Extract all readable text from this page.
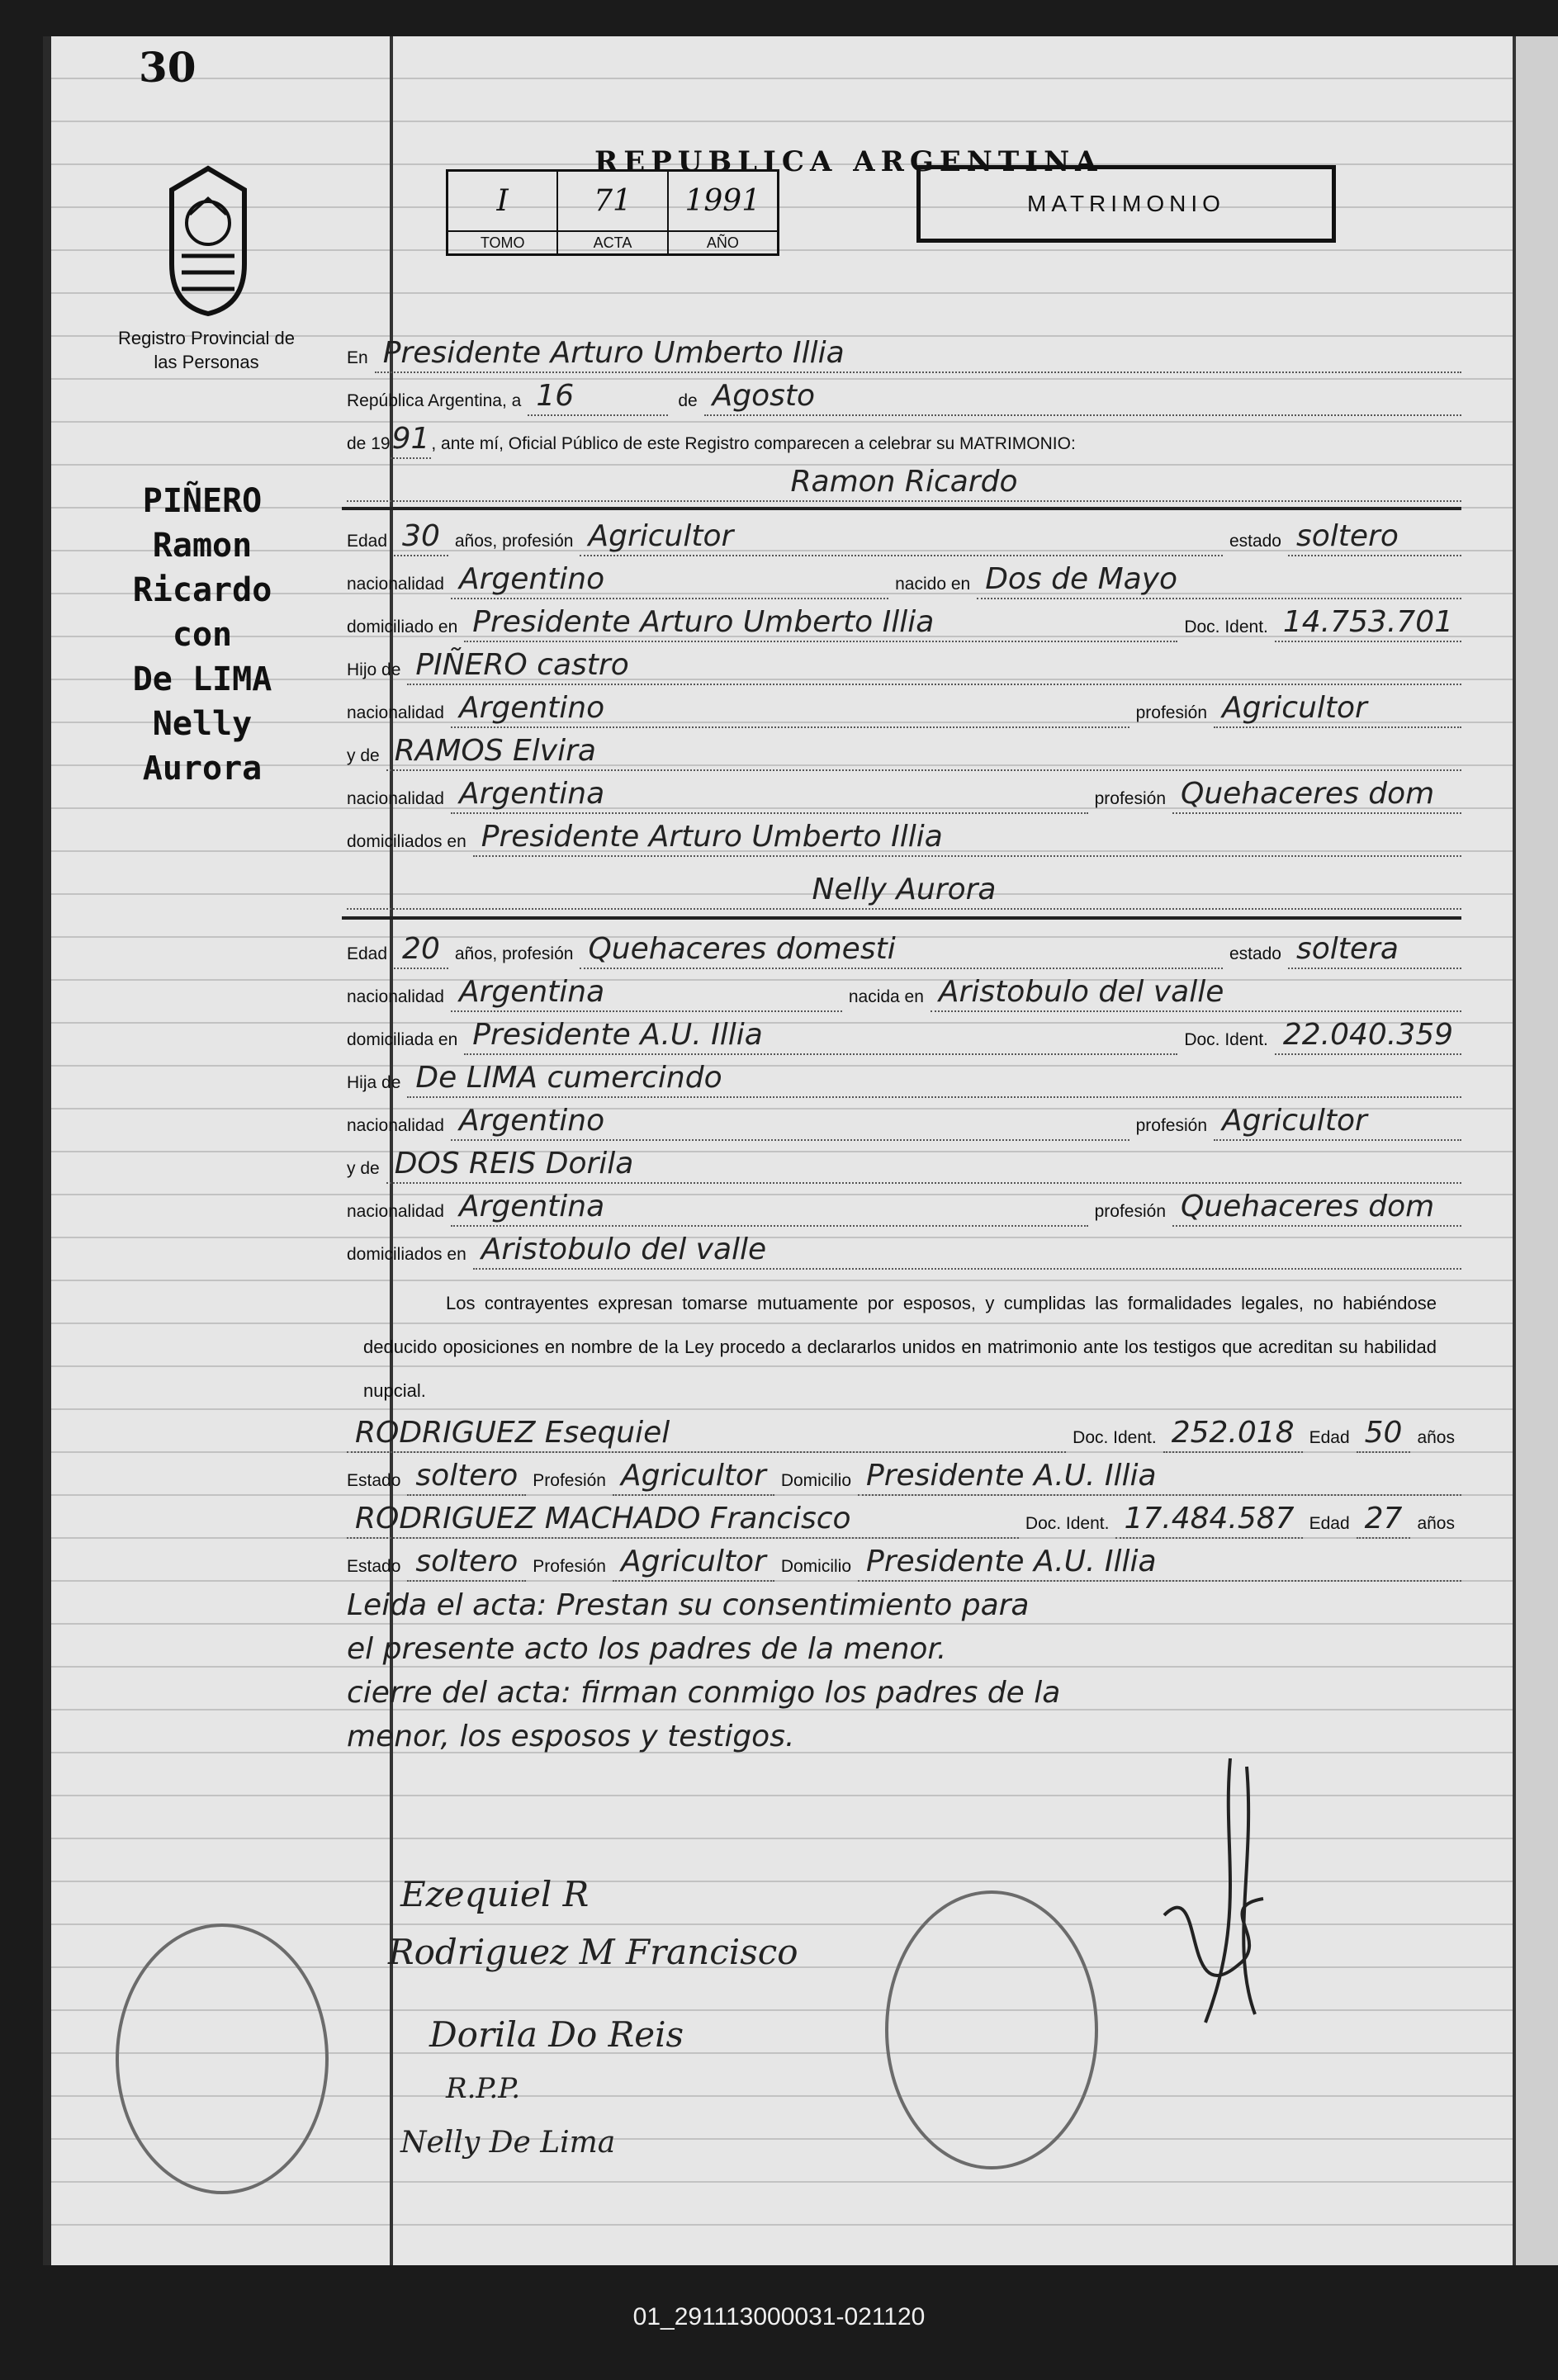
30
Registro Provincial de las Personas
PIÑERO
Ramon
Ricardo
con
De LIMA
Nelly
Aurora
REPUBLICA ARGENTINA
I
TOMO
71
ACTA
1991
AÑO
MATRIMONIO
En Presidente Arturo Umberto Illia
República Argentina, a 16	de Agosto
de 19 91 , ante mí, Oficial Público de este Registro comparecen a celebrar su MATRIMONIO:
Ramon Ricardo
Edad 30 años, profesión Agricultor	estado soltero
nacionalidad Argentino	nacido en Dos de Mayo
domiciliado en Presidente Arturo Umberto Illia	Doc. Ident. 14.753.701
Hijo de PIÑERO castro
nacionalidad Argentino	profesión Agricultor
y de RAMOS Elvira
nacionalidad Argentina	profesión Quehaceres dom
domiciliados en Presidente Arturo Umberto Illia
Nelly Aurora
Edad 20 años, profesión Quehaceres domesti	estado soltera
nacionalidad Argentina	nacida en Aristobulo del valle
domiciliada en Presidente A.U. Illia	Doc. Ident. 22.040.359
Hija de De LIMA cumercindo
nacionalidad Argentino	profesión Agricultor
y de DOS REIS Dorila
nacionalidad Argentina	profesión Quehaceres dom
domiciliados en Aristobulo del valle
Los contrayentes expresan tomarse mutuamente por esposos, y cumplidas las formalidades legales, no habiéndose deducido oposiciones en nombre de la Ley procedo a declararlos unidos en matrimonio ante los testigos que acreditan su habilidad nupcial.
RODRIGUEZ Esequiel	Doc. Ident. 252.018 Edad 50 años
Estado soltero Profesión Agricultor Domicilio Presidente A.U. Illia
RODRIGUEZ MACHADO Francisco	Doc. Ident. 17.484.587 Edad 27 años
Estado soltero Profesión Agricultor Domicilio Presidente A.U. Illia
Leida el acta: Prestan su consentimiento para
el presente acto los padres de la menor.
cierre del acta: firman conmigo los padres de la
menor, los esposos y testigos.
Ezequiel R
Rodriguez M Francisco
Dorila Do Reis
R.P.P.
Nelly De Lima
01_291113000031-021120
